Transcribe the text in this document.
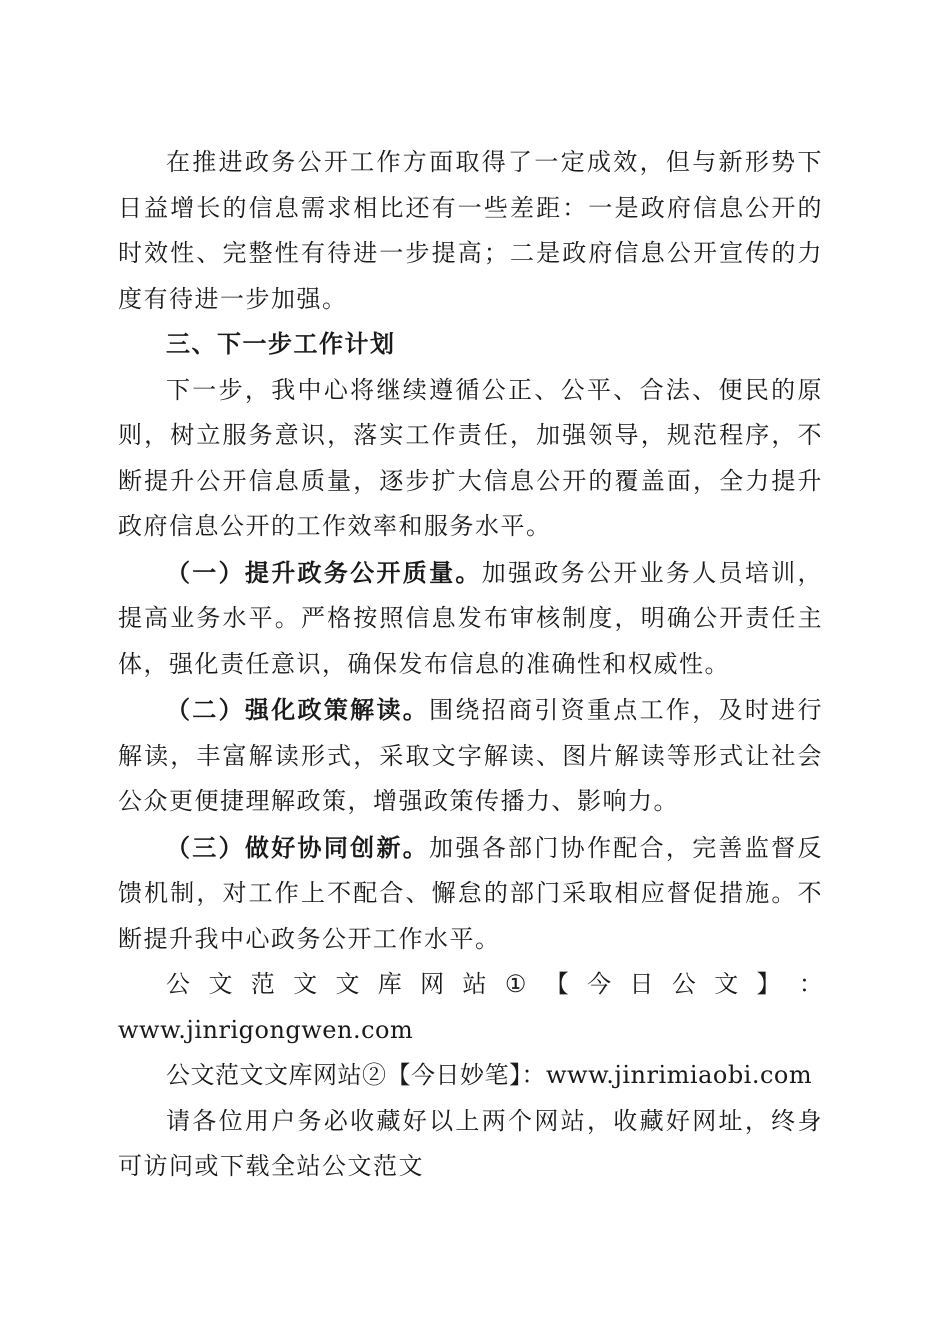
在推进政务公开工作方面取得了一定成效，但与新形势下日益增长的信息需求相比还有一些差距：一是政府信息公开的时效性、完整性有待进一步提高；二是政府信息公开宣传的力度有待进一步加强。

三、下一步工作计划

下一步，我中心将继续遵循公正、公平、合法、便民的原则，树立服务意识，落实工作责任，加强领导，规范程序，不断提升公开信息质量，逐步扩大信息公开的覆盖面，全力提升政府信息公开的工作效率和服务水平。

（一）提升政务公开质量。加强政务公开业务人员培训，提高业务水平。严格按照信息发布审核制度，明确公开责任主体，强化责任意识，确保发布信息的准确性和权威性。

（二）强化政策解读。围绕招商引资重点工作，及时进行解读，丰富解读形式，采取文字解读、图片解读等形式让社会公众更便捷理解政策，增强政策传播力、影响力。

（三）做好协同创新。加强各部门协作配合，完善监督反馈机制，对工作上不配合、懈怠的部门采取相应督促措施。不断提升我中心政务公开工作水平。

公 文 范 文 文 库 网 站 ① 【 今 日 公 文 】 ：

www.jinrigongwen.com

公文范文文库网站②【今日妙笔】：www.jinrimiaobi.com

请各位用户务必收藏好以上两个网站，收藏好网址，终身可访问或下载全站公文范文
